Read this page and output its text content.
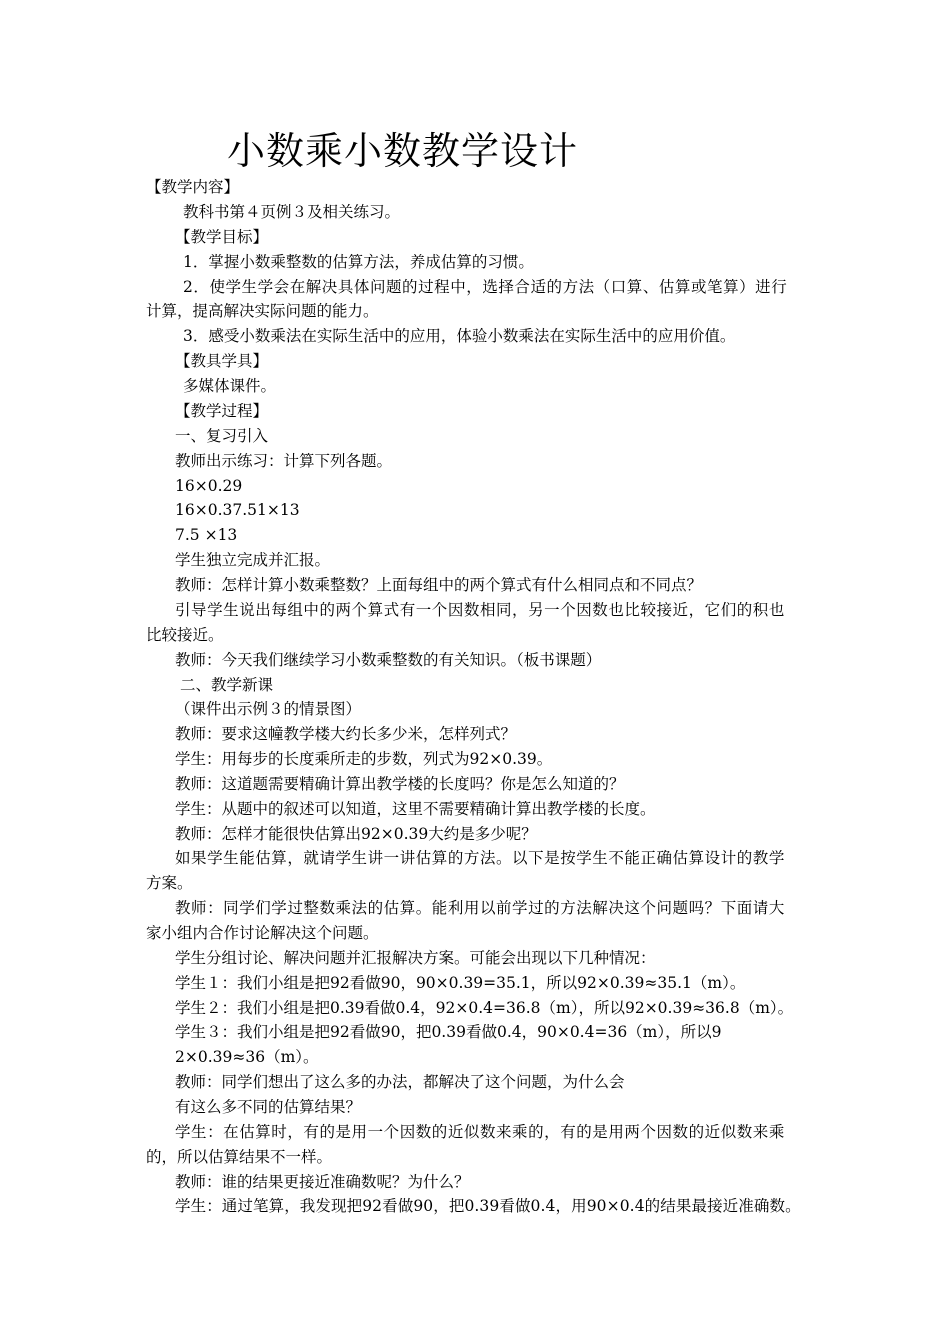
小数乘小数教学设计
【教学内容】
教科书第４页例３及相关练习。
【教学目标】
1．掌握小数乘整数的估算方法，养成估算的习惯。
2．使学生学会在解决具体问题的过程中，选择合适的方法（口算、估算或笔算）进行
计算，提高解决实际问题的能力。
3．感受小数乘法在实际生活中的应用，体验小数乘法在实际生活中的应用价值。
【教具学具】
多媒体课件。
【教学过程】
一、复习引入
教师出示练习：计算下列各题。
16×0.29
16×0.37.51×13
7.5 ×13
学生独立完成并汇报。
教师：怎样计算小数乘整数？上面每组中的两个算式有什么相同点和不同点？
引导学生说出每组中的两个算式有一个因数相同，另一个因数也比较接近，它们的积也
比较接近。
教师：今天我们继续学习小数乘整数的有关知识。（板书课题）
二、教学新课
（课件出示例３的情景图）
教师：要求这幢教学楼大约长多少米，怎样列式？
学生：用每步的长度乘所走的步数，列式为92×0.39。
教师：这道题需要精确计算出教学楼的长度吗？你是怎么知道的？
学生：从题中的叙述可以知道，这里不需要精确计算出教学楼的长度。
教师：怎样才能很快估算出92×0.39大约是多少呢？
如果学生能估算，就请学生讲一讲估算的方法。以下是按学生不能正确估算设计的教学
方案。
教师：同学们学过整数乘法的估算。能利用以前学过的方法解决这个问题吗？下面请大
家小组内合作讨论解决这个问题。
学生分组讨论、解决问题并汇报解决方案。可能会出现以下几种情况：
学生１：我们小组是把92看做90，90×0.39=35.1，所以92×0.39≈35.1（m）。
学生２：我们小组是把0.39看做0.4，92×0.4=36.8（m），所以92×0.39≈36.8（m）。
学生３：我们小组是把92看做90，把0.39看做0.4，90×0.4=36（m），所以9
2×0.39≈36（m）。
教师：同学们想出了这么多的办法，都解决了这个问题，为什么会
有这么多不同的估算结果？
学生：在估算时，有的是用一个因数的近似数来乘的，有的是用两个因数的近似数来乘
的，所以估算结果不一样。
教师：谁的结果更接近准确数呢？为什么？
学生：通过笔算，我发现把92看做90，把0.39看做0.4，用90×0.4的结果最接近准确数。
